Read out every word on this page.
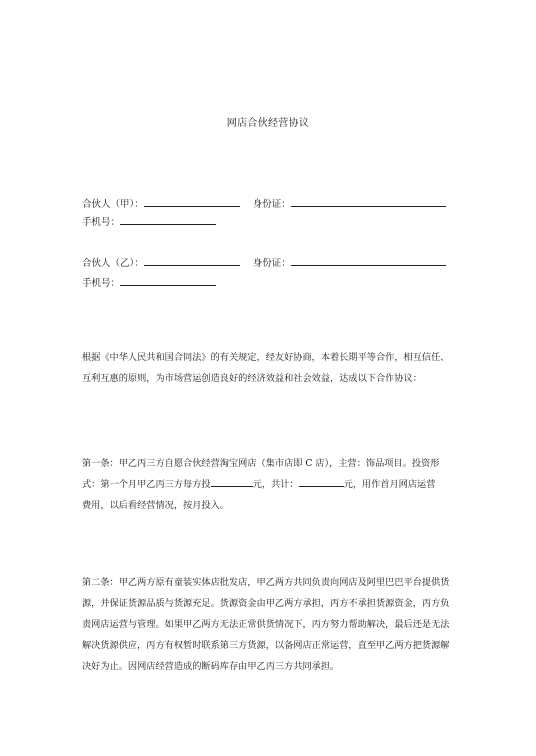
网店合伙经营协议
合伙人（甲）：	身份证：
手机号：
合伙人（乙）：	身份证：
手机号：
根据《中华人民共和国合同法》的有关规定，经友好协商，本着长期平等合作，相互信任、
互利互惠的原则，为市场营运创造良好的经济效益和社会效益，达成以下合作协议：
第一条：甲乙丙三方自愿合伙经营淘宝网店（集市店即 C 店），主营：饰品项目。投资形
式：第一个月甲乙丙三方每方投	元，共计：	元，用作首月网店运营
费用，以后看经营情况，按月投入。
第二条：甲乙两方原有童装实体店批发店，甲乙两方共同负责向网店及阿里巴巴平台提供货
源，并保证货源品质与货源充足。货源资金由甲乙两方承担，丙方不承担货源资金，丙方负
责网店运营与管理。如果甲乙两方无法正常供货情况下，丙方努力帮助解决，最后还是无法
解决货源供应，丙方有权暂时联系第三方货源，以备网店正常运营，直至甲乙两方把货源解
决好为止。因网店经营造成的断码库存由甲乙丙三方共同承担。
